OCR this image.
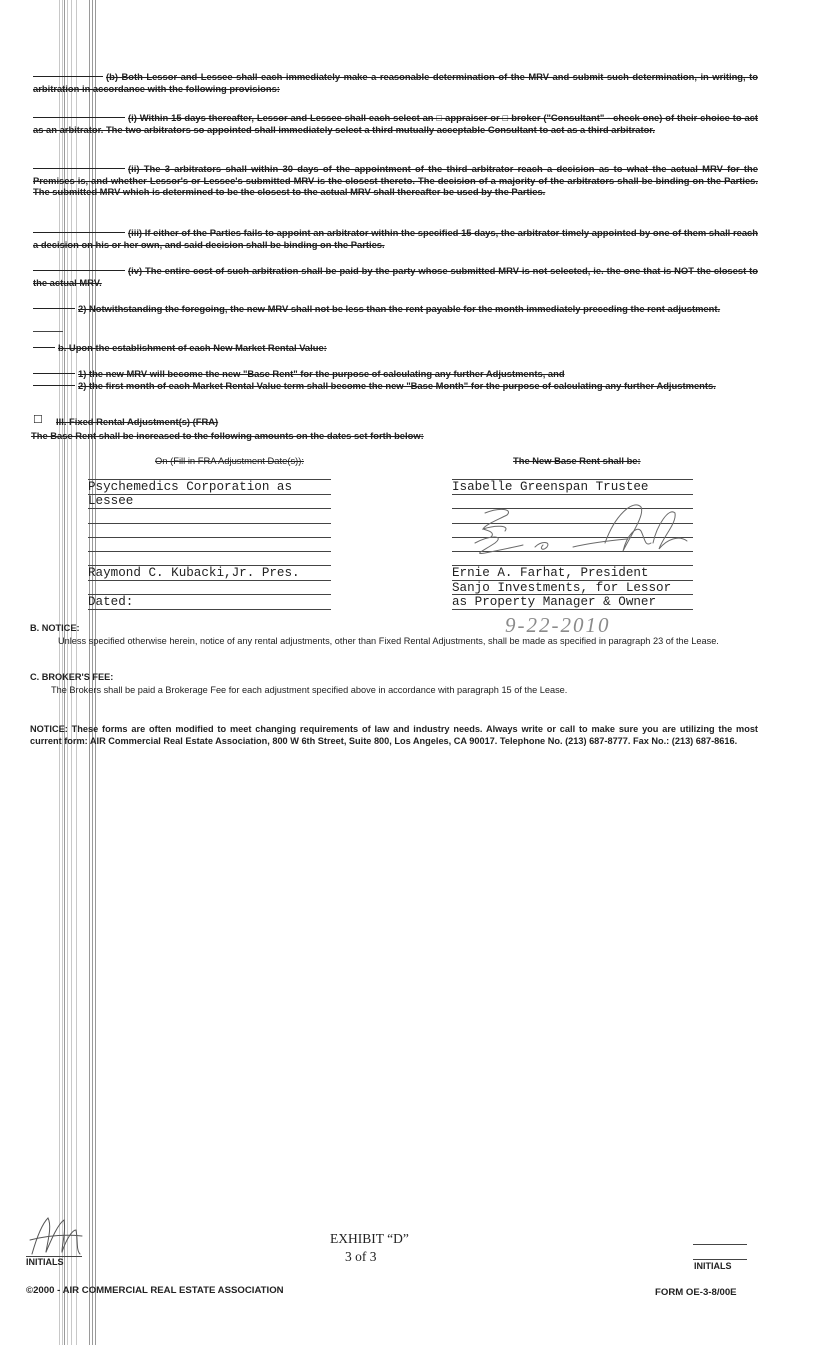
(b) Both Lessor and Lessee shall each immediately make a reasonable determination of the MRV and submit such determination, in writing, to arbitration in accordance with the following provisions:
(i) Within 15 days thereafter, Lessor and Lessee shall each select an □ appraiser or □ broker ("Consultant" - check one) of their choice to act as an arbitrator. The two arbitrators so appointed shall immediately select a third mutually acceptable Consultant to act as a third arbitrator.
(ii) The 3 arbitrators shall within 30 days of the appointment of the third arbitrator reach a decision as to what the actual MRV for the Premises is, and whether Lessor's or Lessee's submitted MRV is the closest thereto. The decision of a majority of the arbitrators shall be binding on the Parties. The submitted MRV which is determined to be the closest to the actual MRV shall thereafter be used by the Parties.
(iii) If either of the Parties fails to appoint an arbitrator within the specified 15 days, the arbitrator timely appointed by one of them shall reach a decision on his or her own, and said decision shall be binding on the Parties.
(iv) The entire cost of such arbitration shall be paid by the party whose submitted MRV is not selected, ie. the one that is NOT the closest to the actual MRV.
2) Notwithstanding the foregoing, the new MRV shall not be less than the rent payable for the month immediately preceding the rent adjustment.
b. Upon the establishment of each New Market Rental Value:
1) the new MRV will become the new "Base Rent" for the purpose of calculating any further Adjustments, and
2) the first month of each Market Rental Value term shall become the new "Base Month" for the purpose of calculating any further Adjustments.
☐ III. Fixed Rental Adjustment(s) (FRA)
The Base Rent shall be increased to the following amounts on the dates set forth below:
On (Fill in FRA Adjustment Date(s)):	The New Base Rent shall be:
Psychemedics Corporation as
Lessee
Raymond C. Kubacki,Jr. Pres.
Dated:
Isabelle Greenspan Trustee
Ernie A. Farhat, President
Sanjo Investments, for Lessor
as Property Manager & Owner
9-22-2010
B. NOTICE:
Unless specified otherwise herein, notice of any rental adjustments, other than Fixed Rental Adjustments, shall be made as specified in paragraph 23 of the Lease.
C. BROKER'S FEE:
The Brokers shall be paid a Brokerage Fee for each adjustment specified above in accordance with paragraph 15 of the Lease.
NOTICE: These forms are often modified to meet changing requirements of law and industry needs. Always write or call to make sure you are utilizing the most current form: AIR Commercial Real Estate Association, 800 W 6th Street, Suite 800, Los Angeles, CA 90017. Telephone No. (213) 687-8777. Fax No.: (213) 687-8616.
INITIALS
EXHIBIT “D”
3 of 3
INITIALS
©2000 - AIR COMMERCIAL REAL ESTATE ASSOCIATION	FORM OE-3-8/00E
